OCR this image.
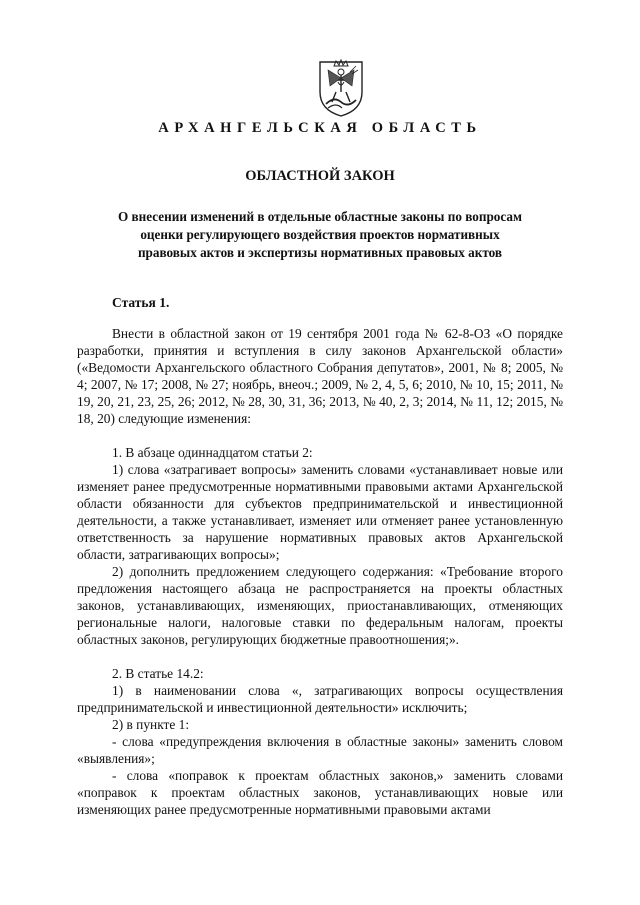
АРХАНГЕЛЬСКАЯ ОБЛАСТЬ
ОБЛАСТНОЙ ЗАКОН
О внесении изменений в отдельные областные законы по вопросам оценки регулирующего воздействия проектов нормативных правовых актов и экспертизы нормативных правовых актов
Статья 1.

Внести в областной закон от 19 сентября 2001 года № 62-8-ОЗ «О порядке разработки, принятия и вступления в силу законов Архангельской области» («Ведомости Архангельского областного Собрания депутатов», 2001, № 8; 2005, № 4; 2007, № 17; 2008, № 27; ноябрь, внеоч.; 2009, № 2, 4, 5, 6; 2010, № 10, 15; 2011, № 19, 20, 21, 23, 25, 26; 2012, № 28, 30, 31, 36; 2013, № 40, 2, 3; 2014, № 11, 12; 2015, № 18, 20) следующие изменения:

1. В абзаце одиннадцатом статьи 2:

1) слова «затрагивает вопросы» заменить словами «устанавливает новые или изменяет ранее предусмотренные нормативными правовыми актами Архангельской области обязанности для субъектов предпринимательской и инвестиционной деятельности, а также устанавливает, изменяет или отменяет ранее установленную ответственность за нарушение нормативных правовых актов Архангельской области, затрагивающих вопросы»;

2) дополнить предложением следующего содержания: «Требование второго предложения настоящего абзаца не распространяется на проекты областных законов, устанавливающих, изменяющих, приостанавливающих, отменяющих региональные налоги, налоговые ставки по федеральным налогам, проекты областных законов, регулирующих бюджетные правоотношения;».

2. В статье 14.2:

1) в наименовании слова «, затрагивающих вопросы осуществления предпринимательской и инвестиционной деятельности» исключить;

2) в пункте 1:

- слова «предупреждения включения в областные законы» заменить словом «выявления»;

- слова «поправок к проектам областных законов,» заменить словами «поправок к проектам областных законов, устанавливающих новые или изменяющих ранее предусмотренные нормативными правовыми актами
